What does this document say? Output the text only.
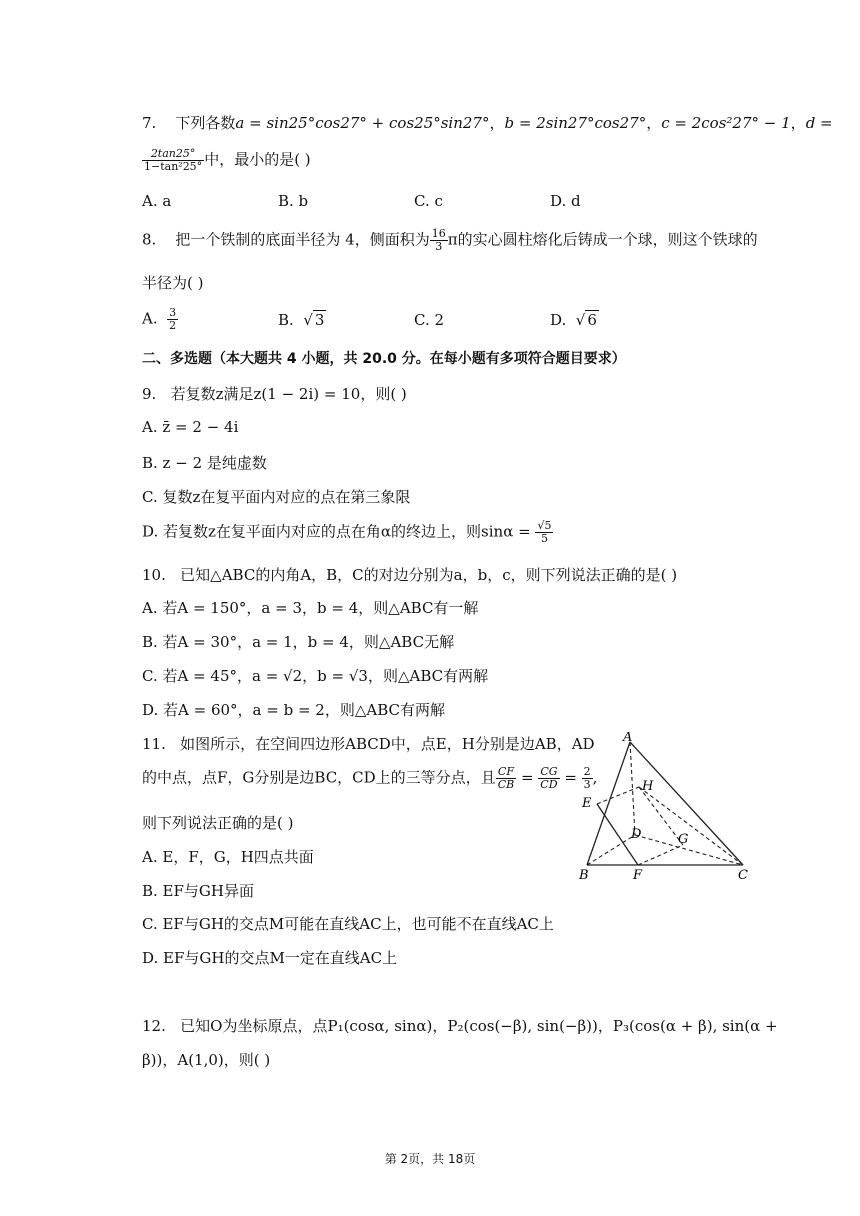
7. 下列各数a = sin25°cos27° + cos25°sin27°，b = 2sin27°cos27°，c = 2cos²27° − 1，d =
$\frac{2\tan 25^\circ}{\text{1−tan²25°}}$ 中，最小的是( )
A. a	B. b	C. c	D. d
8. 把一个铁制的底面半径为 4，侧面积为 $\frac{16}{3}$ π的实心圆柱熔化后铸成一个球，则这个铁球的
半径为( )
A. $\frac{3}{2}$	B.  √ 3	C. 2	D.  √ 6
二、多选题（本大题共 4 小题，共 20.0 分。在每小题有多项符合题目要求）
9. 若复数z满足z(1 − 2i) = 10，则( )
A. z̄ = 2 − 4i
B. z − 2 是纯虚数
C. 复数z在复平面内对应的点在第三象限
D. 若复数z在复平面内对应的点在角α的终边上，则$\sin\alpha = \frac{√5}{5}$
10. 已知△ABC的内角A，B，C的对边分别为a，b，c，则下列说法正确的是( )
A. 若A = 150°，a = 3，b = 4，则△ABC有一解
B. 若A = 30°，a = 1，b = 4，则△ABC无解
C. 若A = 45°，a = √2，b = √3，则△ABC有两解
D. 若A = 60°，a = b = 2，则△ABC有两解
11. 如图所示，在空间四边形ABCD中，点E，H分别是边AB，AD
的中点，点F，G分别是边BC，CD上的三等分点，且 $\frac{CF}{CB} = \frac{CG}{CD} = \frac{2}{3}$ ,
则下列说法正确的是( )
A. E，F，G，H四点共面
B. EF与GH异面
C. EF与GH的交点M可能在直线AC上，也可能不在直线AC上
D. EF与GH的交点M一定在直线AC上
A
H
E
D	G
B	F	C
12. 已知O为坐标原点，点P₁(cosα, sinα)，P₂(cos(−β), sin(−β))，P₃(cos(α + β), sin(α +
β))，A(1,0)，则( )
第 2页，共 18页
